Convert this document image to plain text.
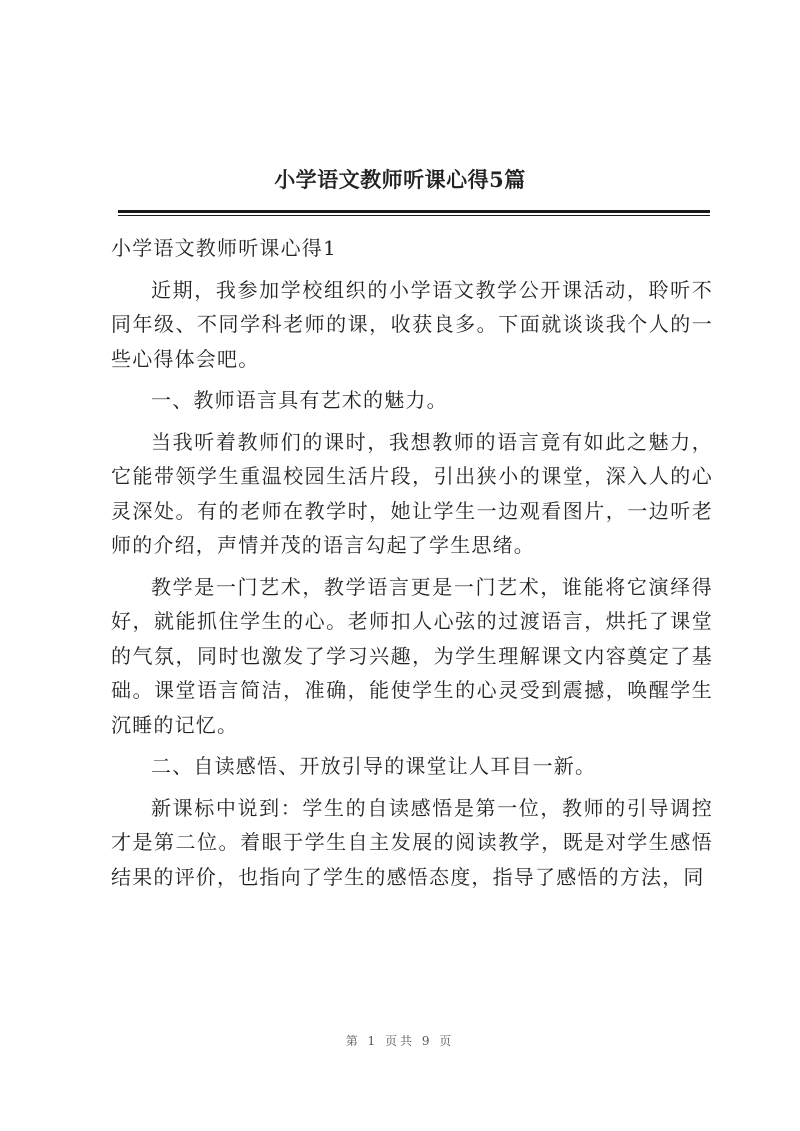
小学语文教师听课心得5篇

小学语文教师听课心得1

近期，我参加学校组织的小学语文教学公开课活动，聆听不同年级、不同学科老师的课，收获良多。下面就谈谈我个人的一些心得体会吧。

一、教师语言具有艺术的魅力。

当我听着教师们的课时，我想教师的语言竟有如此之魅力，它能带领学生重温校园生活片段，引出狭小的课堂，深入人的心灵深处。有的老师在教学时，她让学生一边观看图片，一边听老师的介绍，声情并茂的语言勾起了学生思绪。

教学是一门艺术，教学语言更是一门艺术，谁能将它演绎得好，就能抓住学生的心。老师扣人心弦的过渡语言，烘托了课堂的气氛，同时也激发了学习兴趣，为学生理解课文内容奠定了基础。课堂语言简洁，准确，能使学生的心灵受到震撼，唤醒学生沉睡的记忆。

二、自读感悟、开放引导的课堂让人耳目一新。

新课标中说到：学生的自读感悟是第一位，教师的引导调控才是第二位。着眼于学生自主发展的阅读教学，既是对学生感悟结果的评价，也指向了学生的感悟态度，指导了感悟的方法，同

第 1 页共 9 页
